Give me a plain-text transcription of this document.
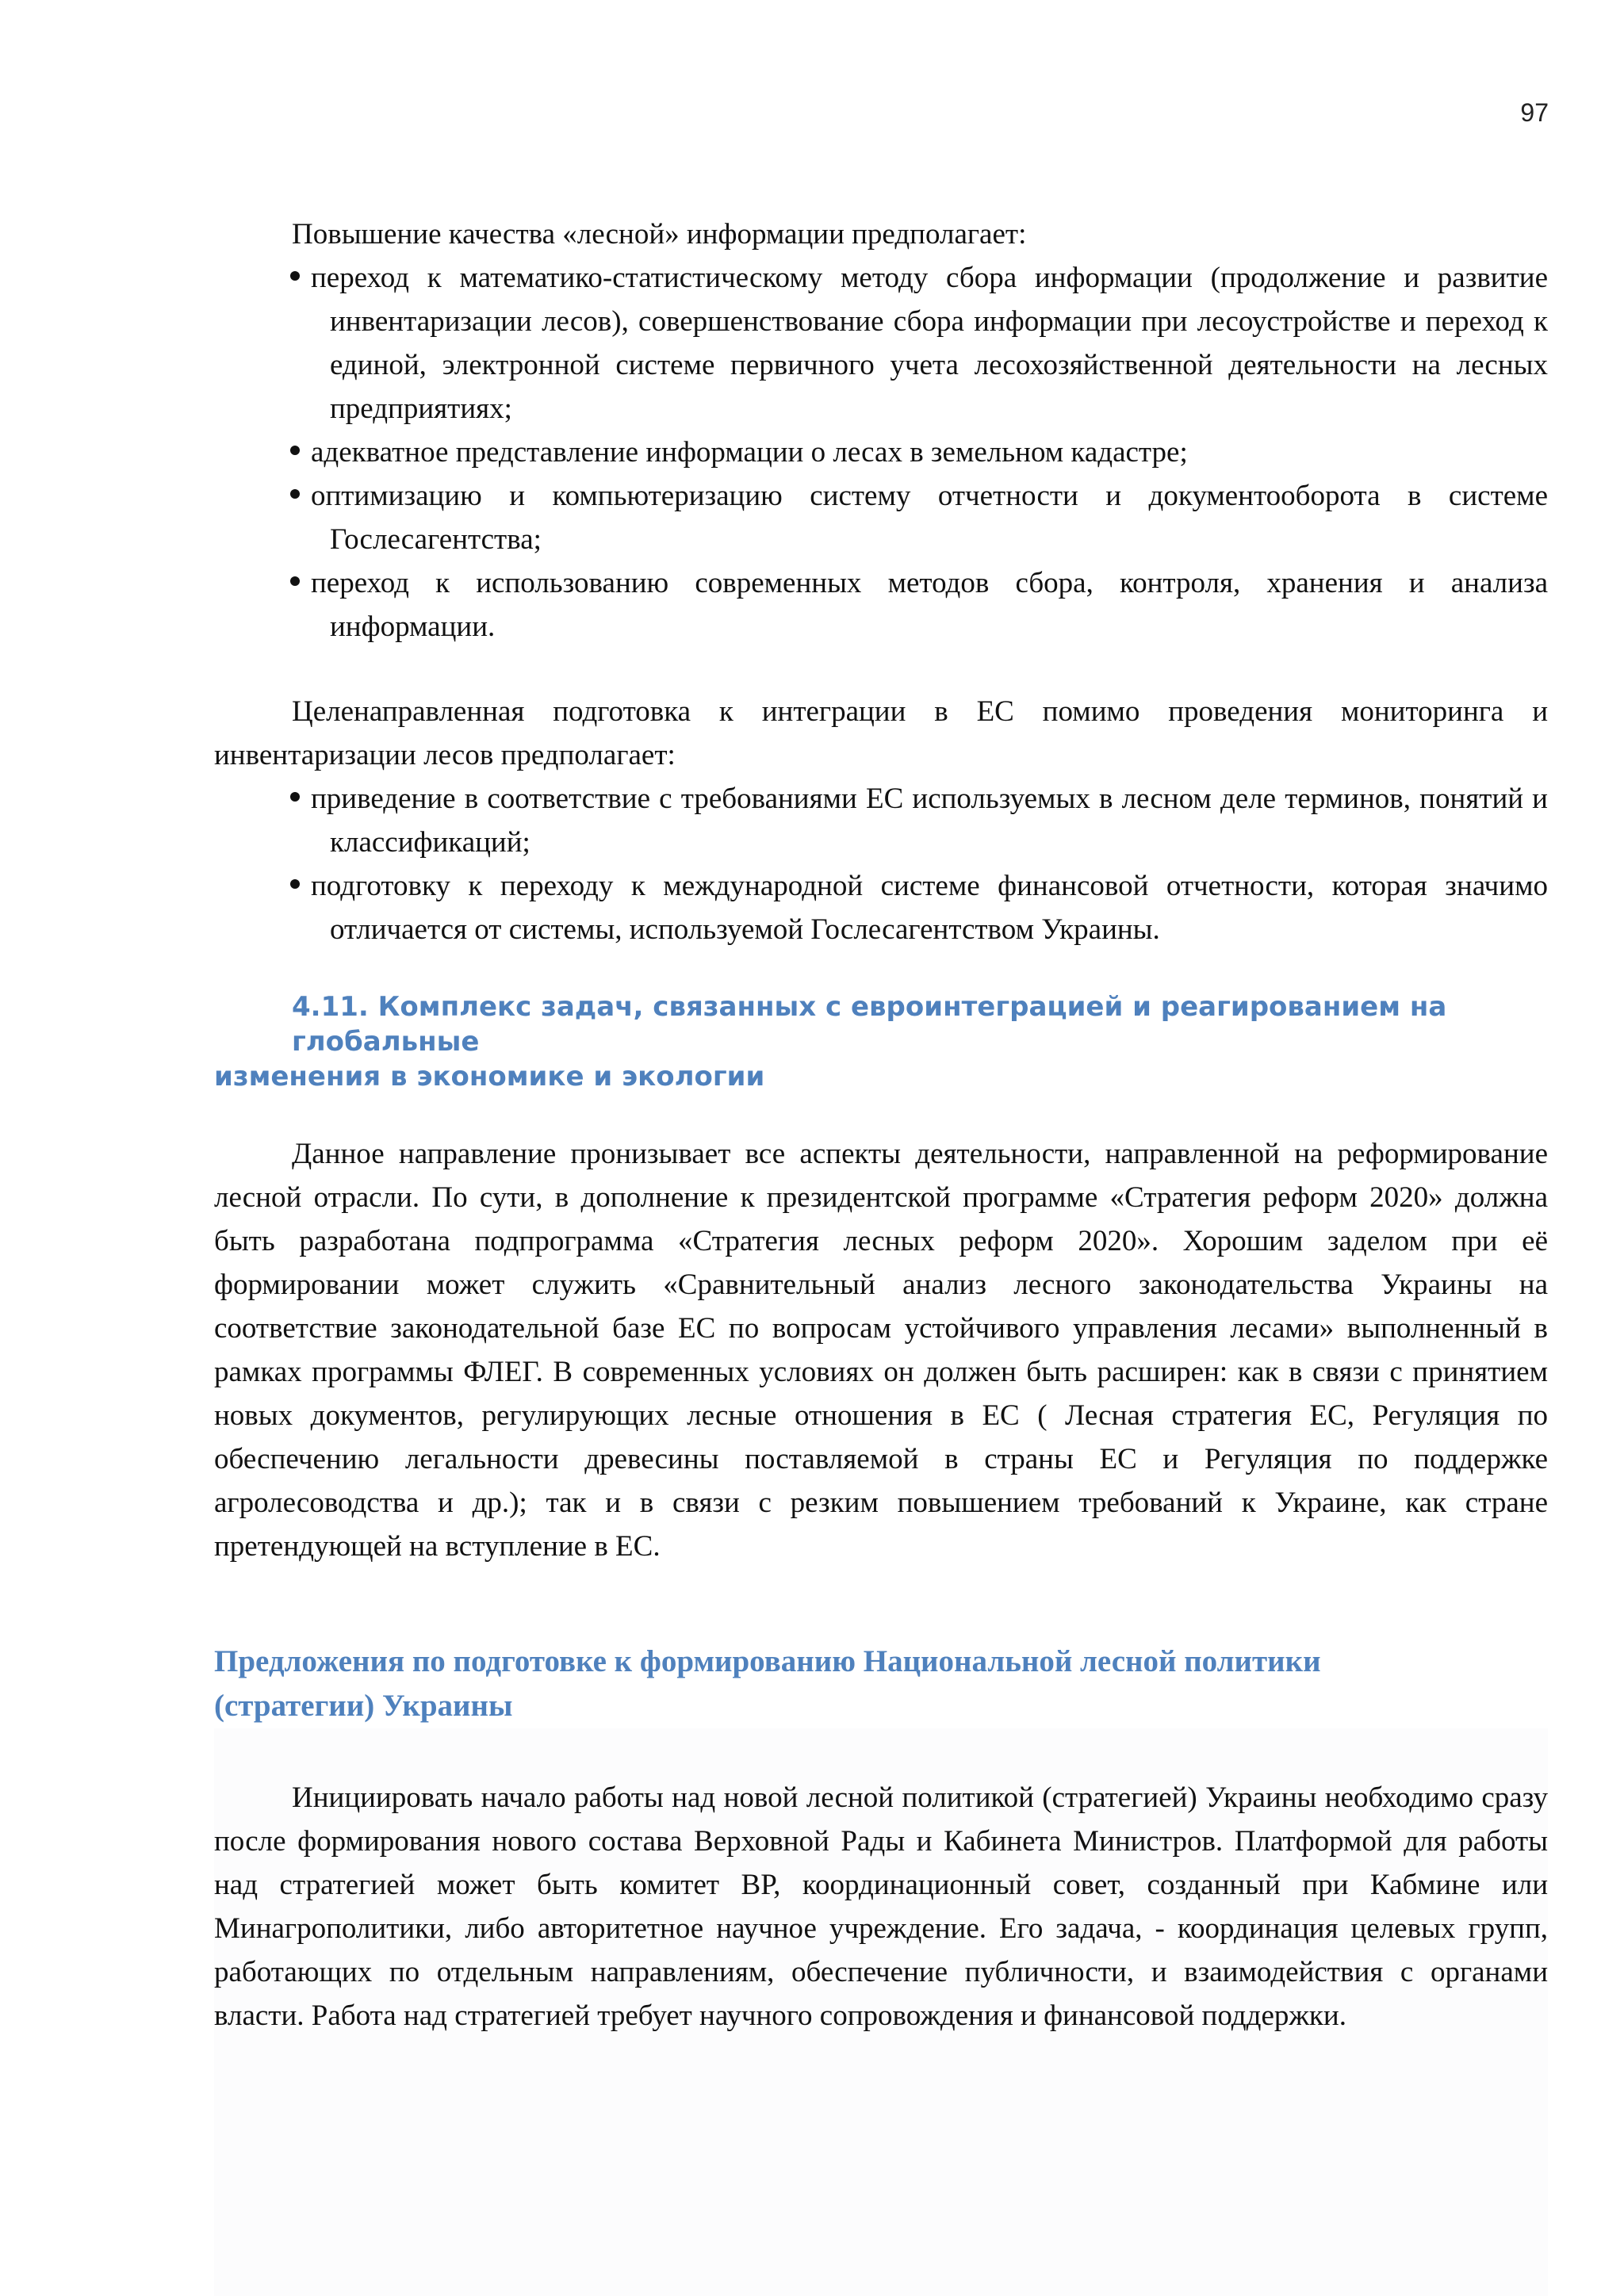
97

Повышение качества «лесной» информации предполагает:

переход к математико-статистическому методу сбора информации (продолжение и развитие инвентаризации лесов), совершенствование сбора информации при лесоустройстве и переход к единой, электронной системе первичного учета лесохозяйственной деятельности на лесных предприятиях;
адекватное представление информации о лесах в земельном кадастре;
оптимизацию и компьютеризацию систему отчетности и документооборота в системе Гослесагентства;
переход к использованию современных методов сбора, контроля, хранения и анализа информации.

Целенаправленная подготовка к интеграции в ЕС помимо проведения мониторинга и инвентаризации лесов предполагает:

приведение в соответствие с требованиями ЕС используемых в лесном деле терминов, понятий и классификаций;
подготовку к переходу к международной системе финансовой отчетности, которая значимо отличается от системы, используемой Гослесагентством Украины.
4.11. Комплекс задач, связанных с евроинтеграцией и реагированием на глобальные
изменения в экономике и экологии

Данное направление пронизывает все аспекты деятельности, направленной на реформирование лесной отрасли. По сути, в дополнение к президентской программе «Стратегия реформ 2020» должна быть разработана подпрограмма «Стратегия лесных реформ 2020». Хорошим заделом при её формировании может служить «Сравнительный анализ лесного законодательства Украины на соответствие законодательной базе ЕС по вопросам устойчивого управления лесами» выполненный в рамках программы ФЛЕГ. В современных условиях он должен быть расширен: как в связи с принятием новых документов, регулирующих лесные отношения в ЕС ( Лесная стратегия ЕС, Регуляция по обеспечению легальности древесины поставляемой в страны ЕС и Регуляция по поддержке агролесоводства и др.); так и в связи с резким повышением требований к Украине, как стране претендующей на вступление в ЕС.

Предложения по подготовке к формированию Национальной лесной политики
(стратегии) Украины

Инициировать начало работы над новой лесной политикой (стратегией) Украины необходимо сразу после формирования нового состава Верховной Рады и Кабинета Министров. Платформой для работы над стратегией может быть комитет ВР, координационный совет, созданный при Кабмине или Минагрополитики, либо авторитетное научное учреждение. Его задача, - координация целевых групп, работающих по отдельным направлениям, обеспечение публичности, и взаимодействия с органами власти. Работа над стратегией требует научного сопровождения и финансовой поддержки.
